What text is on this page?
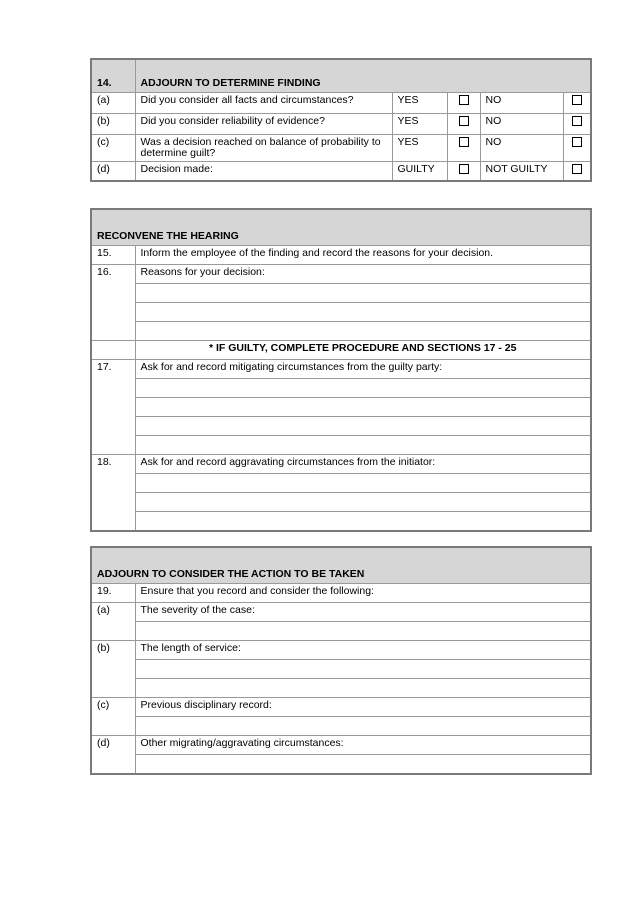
14.	ADJOURN TO DETERMINE FINDING				
(a)	Did you consider all facts and circumstances?	YES		NO	
(b)	Did you consider reliability of evidence?	YES		NO	
(c)	Was a decision reached on balance of probability to determine guilt?	YES		NO	
(d)	Decision made:	GUILTY		NOT GUILTY	
RECONVENE THE HEARING	
15.	Inform the employee of the finding and record the reasons for your decision.
16.	Reasons for your decision:

	* IF GUILTY, COMPLETE PROCEDURE AND SECTIONS 17 - 25
17.	Ask for and record mitigating circumstances from the guilty party:

18.	Ask for and record aggravating circumstances from the initiator:

ADJOURN TO CONSIDER THE ACTION TO BE TAKEN	
19.	Ensure that you record and consider the following:
(a)	The severity of the case:

(b)	The length of service:

(c)	Previous disciplinary record:

(d)	Other migrating/aggravating circumstances:
